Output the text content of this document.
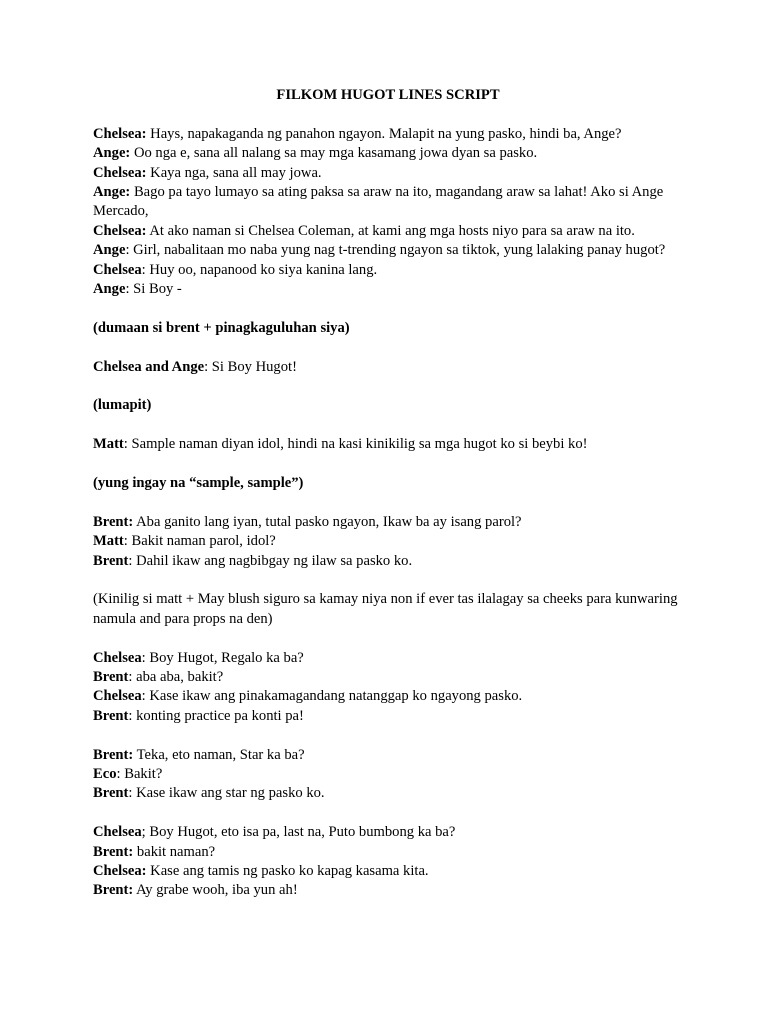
FILKOM HUGOT LINES SCRIPT
Chelsea: Hays, napakaganda ng panahon ngayon. Malapit na yung pasko, hindi ba, Ange?
Ange: Oo nga e, sana all nalang sa may mga kasamang jowa dyan sa pasko.
Chelsea: Kaya nga, sana all may jowa.
Ange: Bago pa tayo lumayo sa ating paksa sa araw na ito, magandang araw sa lahat! Ako si Ange Mercado,
Chelsea: At ako naman si Chelsea Coleman, at kami ang mga hosts niyo para sa araw na ito.
Ange: Girl, nabalitaan mo naba yung nag t-trending ngayon sa tiktok, yung lalaking panay hugot?
Chelsea: Huy oo, napanood ko siya kanina lang.
Ange: Si Boy -
(dumaan si brent + pinagkaguluhan siya)
Chelsea and Ange: Si Boy Hugot!
(lumapit)
Matt: Sample naman diyan idol, hindi na kasi kinikilig sa mga hugot ko si beybi ko!
(yung ingay na “sample, sample”)
Brent: Aba ganito lang iyan, tutal pasko ngayon, Ikaw ba ay isang parol?
Matt: Bakit naman parol, idol?
Brent: Dahil ikaw ang nagbibgay ng ilaw sa pasko ko.
(Kinilig si matt + May blush siguro sa kamay niya non if ever tas ilalagay sa cheeks para kunwaring namula and para props na den)
Chelsea: Boy Hugot, Regalo ka ba?
Brent: aba aba, bakit?
Chelsea: Kase ikaw ang pinakamagandang natanggap ko ngayong pasko.
Brent: konting practice pa konti pa!
Brent: Teka, eto naman, Star ka ba?
Eco: Bakit?
Brent: Kase ikaw ang star ng pasko ko.
Chelsea; Boy Hugot, eto isa pa, last na, Puto bumbong ka ba?
Brent: bakit naman?
Chelsea: Kase ang tamis ng pasko ko kapag kasama kita.
Brent: Ay grabe wooh, iba yun ah!
